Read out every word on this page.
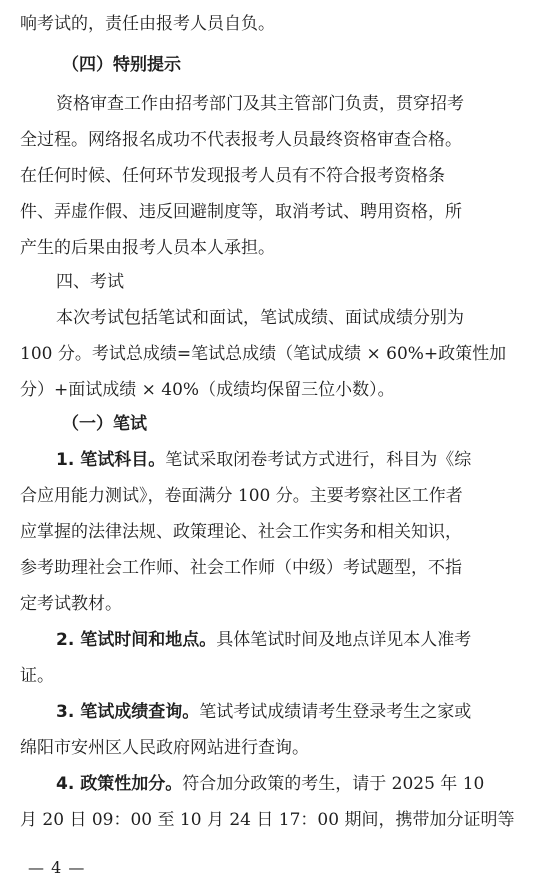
响考试的，责任由报考人员自负。
（四）特别提示
资格审查工作由招考部门及其主管部门负责，贯穿招考
全过程。网络报名成功不代表报考人员最终资格审查合格。
在任何时候、任何环节发现报考人员有不符合报考资格条
件、弄虚作假、违反回避制度等，取消考试、聘用资格，所
产生的后果由报考人员本人承担。
四、考试
本次考试包括笔试和面试，笔试成绩、面试成绩分别为
100 分。考试总成绩=笔试总成绩（笔试成绩 × 60%+政策性加
分）+面试成绩 × 40%（成绩均保留三位小数）。
（一）笔试
1. 笔试科目。笔试采取闭卷考试方式进行，科目为《综
合应用能力测试》，卷面满分 100 分。主要考察社区工作者
应掌握的法律法规、政策理论、社会工作实务和相关知识，
参考助理社会工作师、社会工作师（中级）考试题型，不指
定考试教材。
2. 笔试时间和地点。具体笔试时间及地点详见本人准考
证。
3. 笔试成绩查询。笔试考试成绩请考生登录考生之家或
绵阳市安州区人民政府网站进行查询。
4. 政策性加分。符合加分政策的考生，请于 2025 年 10
月 20 日 09：00 至 10 月 24 日 17：00 期间，携带加分证明等
— 4 —
